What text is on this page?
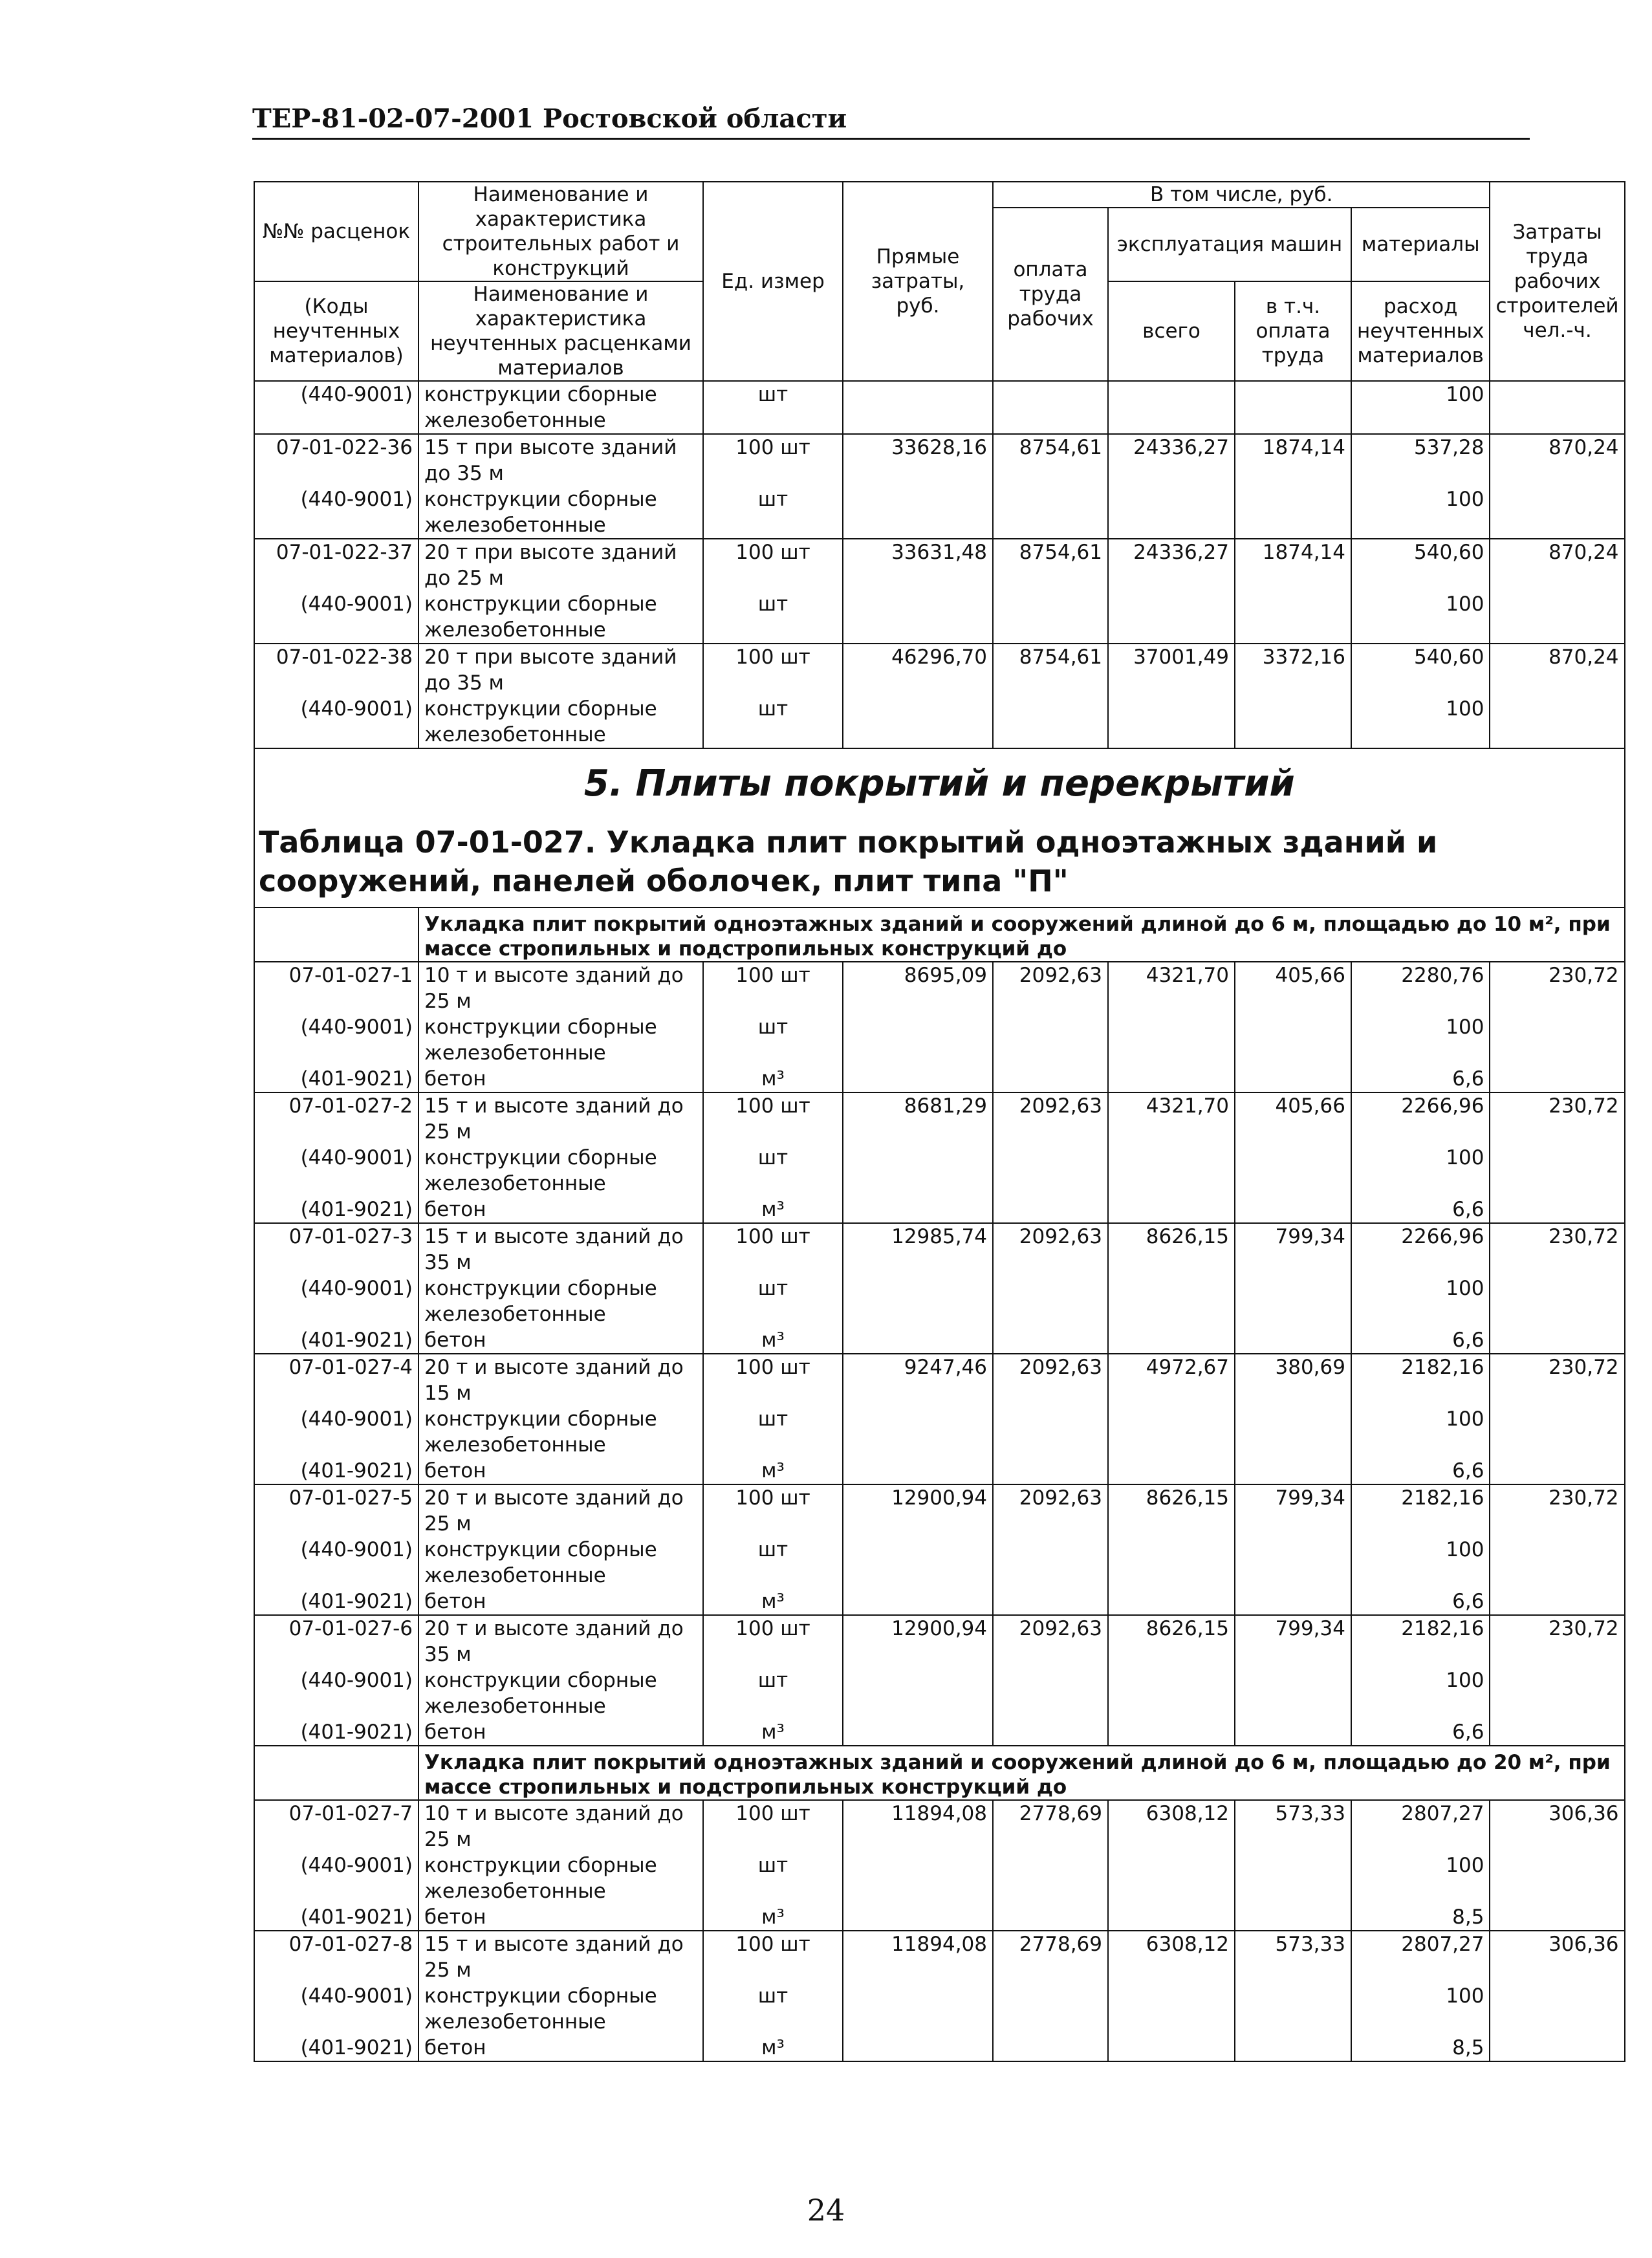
ТЕР-81-02-07-2001 Ростовской области
№№ расценок	Наименование и характеристика строительных работ и конструкций	Ед. измер	Прямые затраты, руб.	В том числе, руб.				Затраты труда рабочих строителей чел.-ч.
				оплата труда рабочих	эксплуатация машин		материалы	
(Коды неучтенных материалов)	Наименование и характеристика неучтенных расценками материалов				всего	в т.ч. оплата труда	расход неучтенных материалов	

(440-9001)	конструкции сборные железобетонные	шт					100	
07-01-022-36	15 т при высоте зданий до 35 м	100 шт	33628,16	8754,61	24336,27	1874,14	537,28	870,24
(440-9001)	конструкции сборные железобетонные	шт					100	
07-01-022-37	20 т при высоте зданий до 25 м	100 шт	33631,48	8754,61	24336,27	1874,14	540,60	870,24
(440-9001)	конструкции сборные железобетонные	шт					100	
07-01-022-38	20 т при высоте зданий до 35 м	100 шт	46296,70	8754,61	37001,49	3372,16	540,60	870,24
(440-9001)	конструкции сборные железобетонные	шт					100	

5. Плиты покрытий и перекрытий
Таблица 07-01-027. Укладка плит покрытий одноэтажных зданий и сооружений, панелей оболочек, плит типа "П"								

	Укладка плит покрытий одноэтажных зданий и сооружений длиной до 6 м, площадью до 10 м², при массе стропильных и подстропильных конструкций до							
07-01-027-1	10 т и высоте зданий до 25 м	100 шт	8695,09	2092,63	4321,70	405,66	2280,76	230,72
(440-9001)	конструкции сборные железобетонные	шт					100	
(401-9021)	бетон	м³					6,6	
07-01-027-2	15 т и высоте зданий до 25 м	100 шт	8681,29	2092,63	4321,70	405,66	2266,96	230,72
(440-9001)	конструкции сборные железобетонные	шт					100	
(401-9021)	бетон	м³					6,6	
07-01-027-3	15 т и высоте зданий до 35 м	100 шт	12985,74	2092,63	8626,15	799,34	2266,96	230,72
(440-9001)	конструкции сборные железобетонные	шт					100	
(401-9021)	бетон	м³					6,6	
07-01-027-4	20 т и высоте зданий до 15 м	100 шт	9247,46	2092,63	4972,67	380,69	2182,16	230,72
(440-9001)	конструкции сборные железобетонные	шт					100	
(401-9021)	бетон	м³					6,6	
07-01-027-5	20 т и высоте зданий до 25 м	100 шт	12900,94	2092,63	8626,15	799,34	2182,16	230,72
(440-9001)	конструкции сборные железобетонные	шт					100	
(401-9021)	бетон	м³					6,6	
07-01-027-6	20 т и высоте зданий до 35 м	100 шт	12900,94	2092,63	8626,15	799,34	2182,16	230,72
(440-9001)	конструкции сборные железобетонные	шт					100	
(401-9021)	бетон	м³					6,6	
	Укладка плит покрытий одноэтажных зданий и сооружений длиной до 6 м, площадью до 20 м², при массе стропильных и подстропильных конструкций до							
07-01-027-7	10 т и высоте зданий до 25 м	100 шт	11894,08	2778,69	6308,12	573,33	2807,27	306,36
(440-9001)	конструкции сборные железобетонные	шт					100	
(401-9021)	бетон	м³					8,5	
07-01-027-8	15 т и высоте зданий до 25 м	100 шт	11894,08	2778,69	6308,12	573,33	2807,27	306,36
(440-9001)	конструкции сборные железобетонные	шт					100	
(401-9021)	бетон	м³					8,5	
24
